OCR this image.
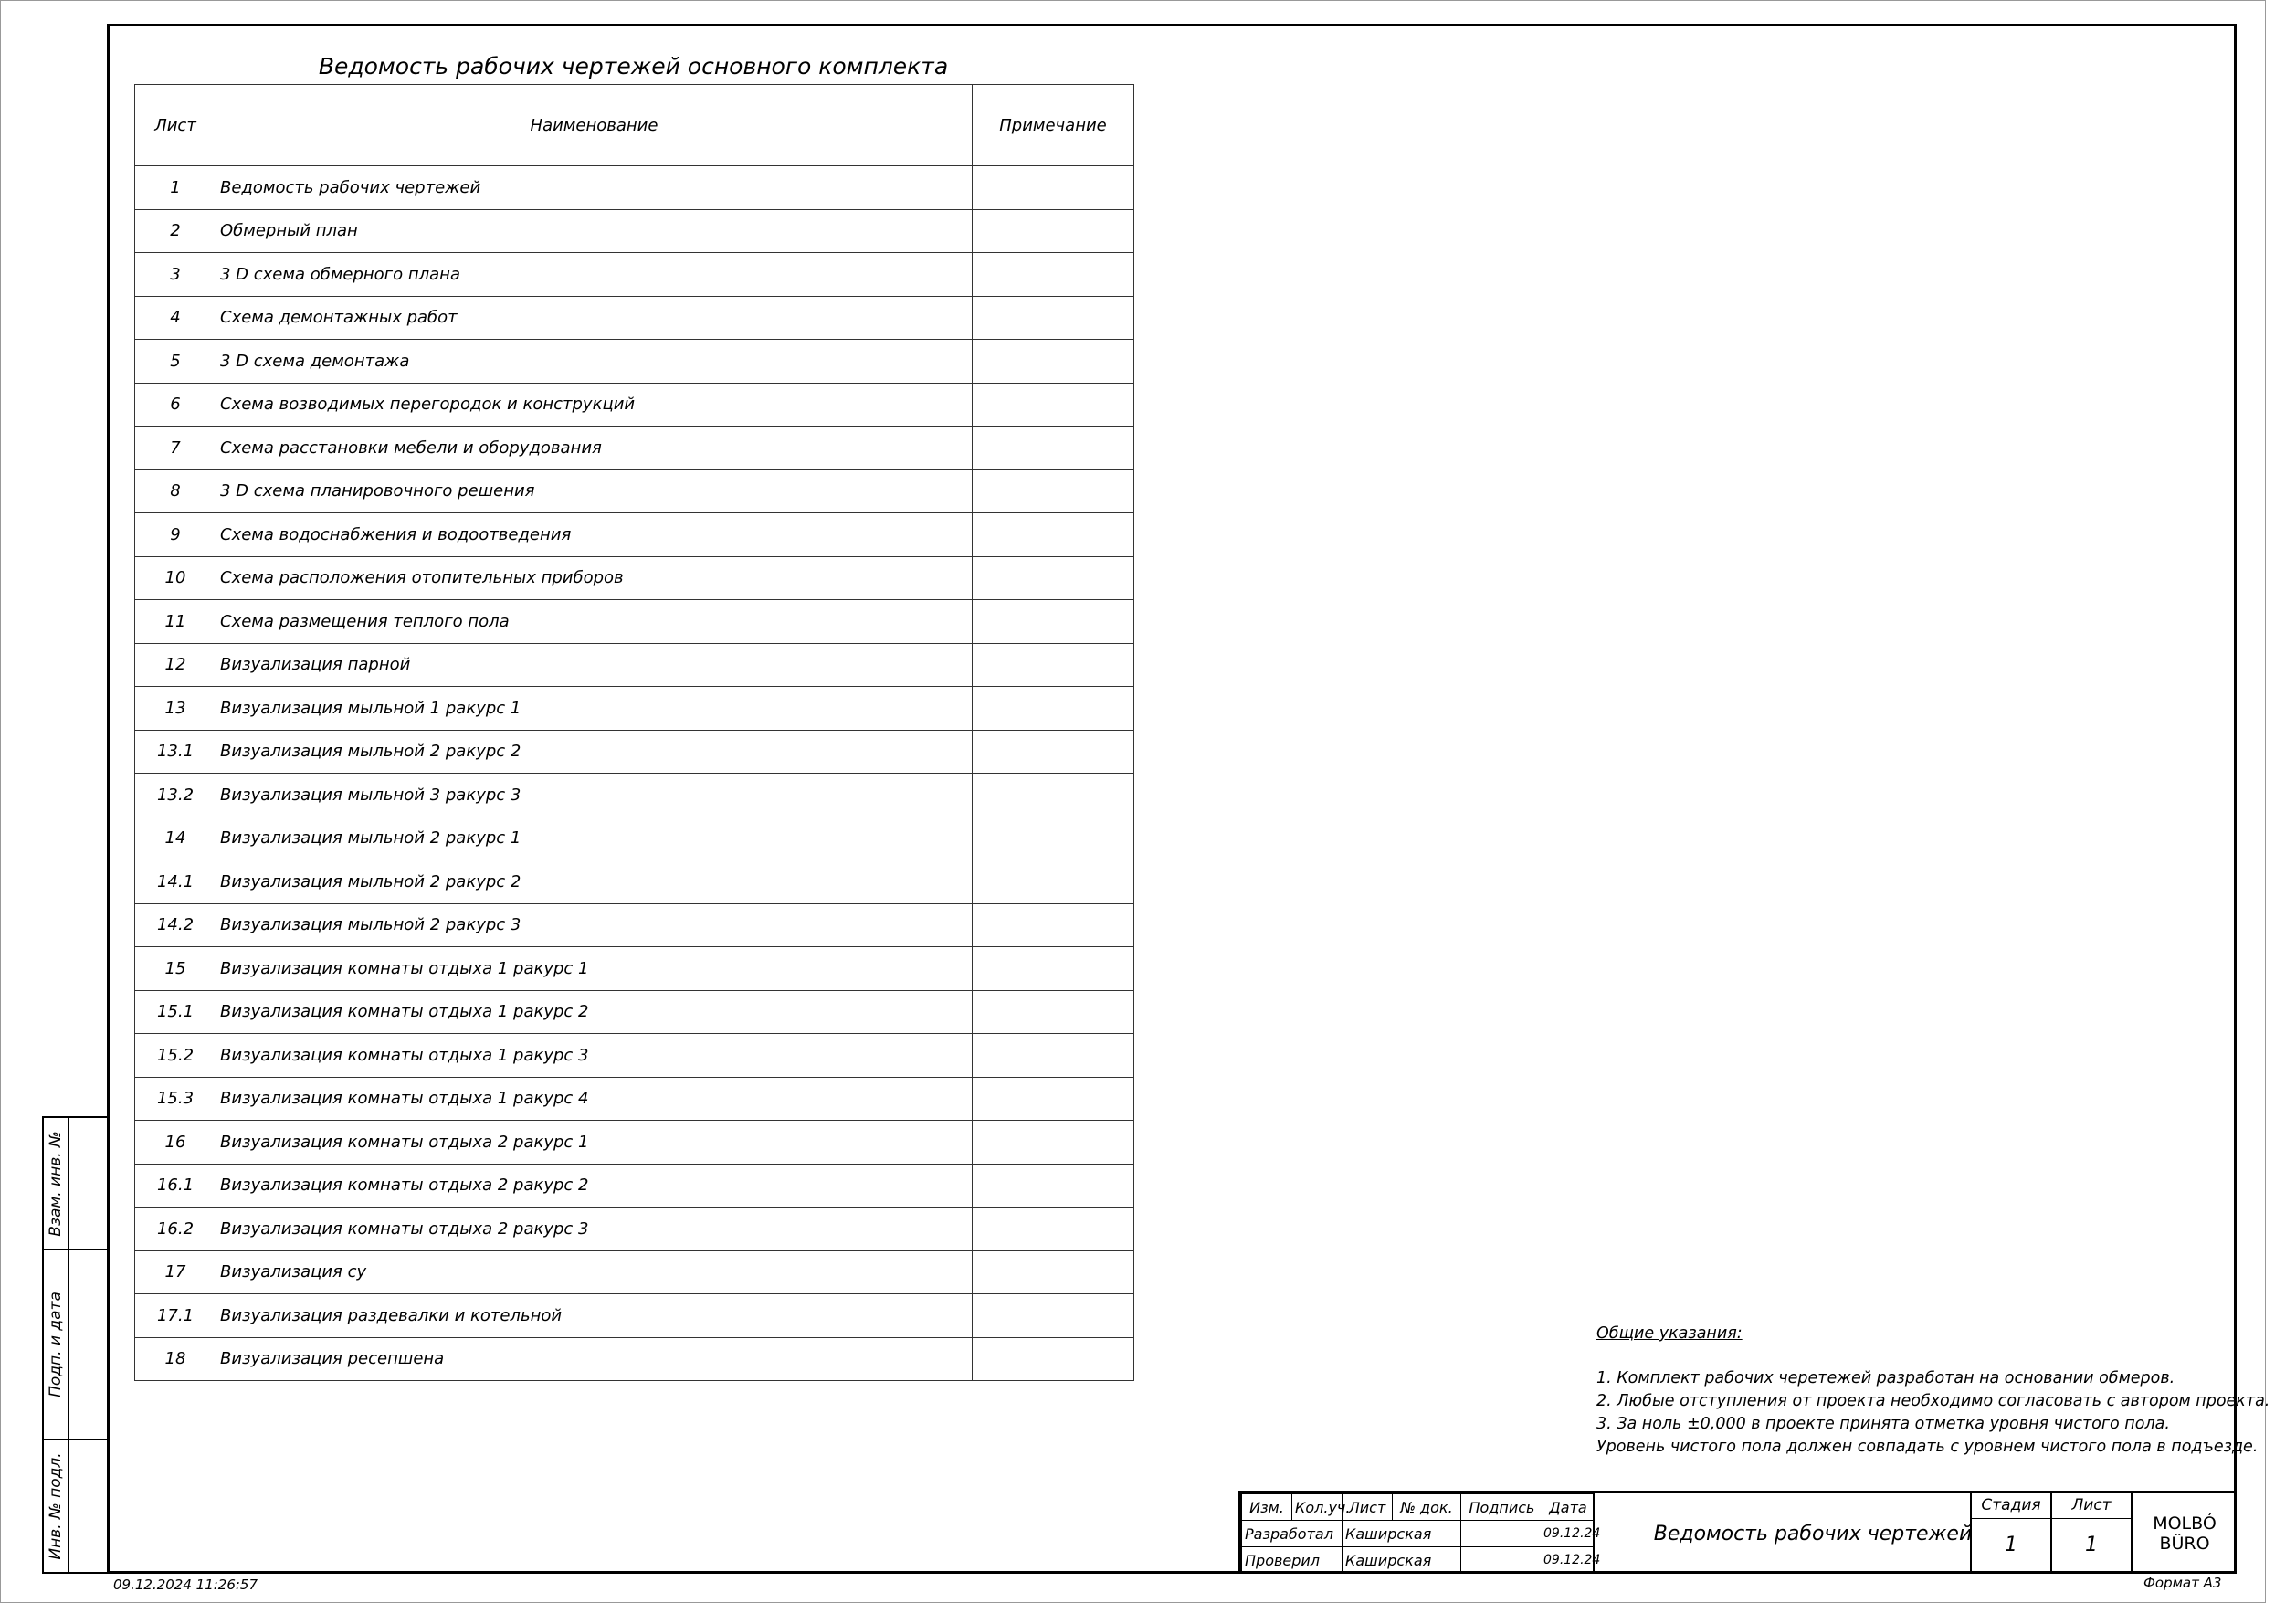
Взам. инв. №
Подп. и дата
Инв. № подл.
Ведомость рабочих чертежей основного комплекта
Лист	Наименование	Примечание
1	Ведомость рабочих чертежей	
2	Обмерный план	
3	3 D схема обмерного плана	
4	Схема демонтажных работ	
5	3 D схема демонтажа	
6	Схема возводимых перегородок и конструкций	
7	Схема расстановки мебели и оборудования	
8	3 D схема планировочного решения	
9	Схема водоснабжения и водоотведения	
10	Схема расположения отопительных приборов	
11	Схема размещения теплого пола	
12	Визуализация парной	
13	Визуализация мыльной 1 ракурс 1	
13.1	Визуализация мыльной 2 ракурс 2	
13.2	Визуализация мыльной 3 ракурс 3	
14	Визуализация мыльной 2 ракурс 1	
14.1	Визуализация мыльной 2 ракурс 2	
14.2	Визуализация мыльной 2 ракурс 3	
15	Визуализация комнаты отдыха 1 ракурс 1	
15.1	Визуализация комнаты отдыха 1 ракурс 2	
15.2	Визуализация комнаты отдыха 1 ракурс 3	
15.3	Визуализация комнаты отдыха 1 ракурс 4	
16	Визуализация комнаты отдыха 2 ракурс 1	
16.1	Визуализация комнаты отдыха 2 ракурс 2	
16.2	Визуализация комнаты отдыха 2 ракурс 3	
17	Визуализация су	
17.1	Визуализация раздевалки и котельной	
18	Визуализация ресепшена	
Общие указания:
1. Комплект рабочих черетежей разработан на основании обмеров.
2. Любые отступления от проекта необходимо согласовать с автором проекта.
3. За ноль ±0,000 в проекте принята отметка уровня чистого пола.
Уровень чистого пола должен совпадать с уровнем чистого пола в подъезде.
Изм.	Кол.уч.	Лист	№ док.	Подпись	Дата
Разработал		Каширская			09.12.24
Проверил		Каширская			09.12.24
Ведомость рабочих чертежей
Стадия
1
Лист
1
MOLBÓ BÜRO
09.12.2024 11:26:57	Формат А3
